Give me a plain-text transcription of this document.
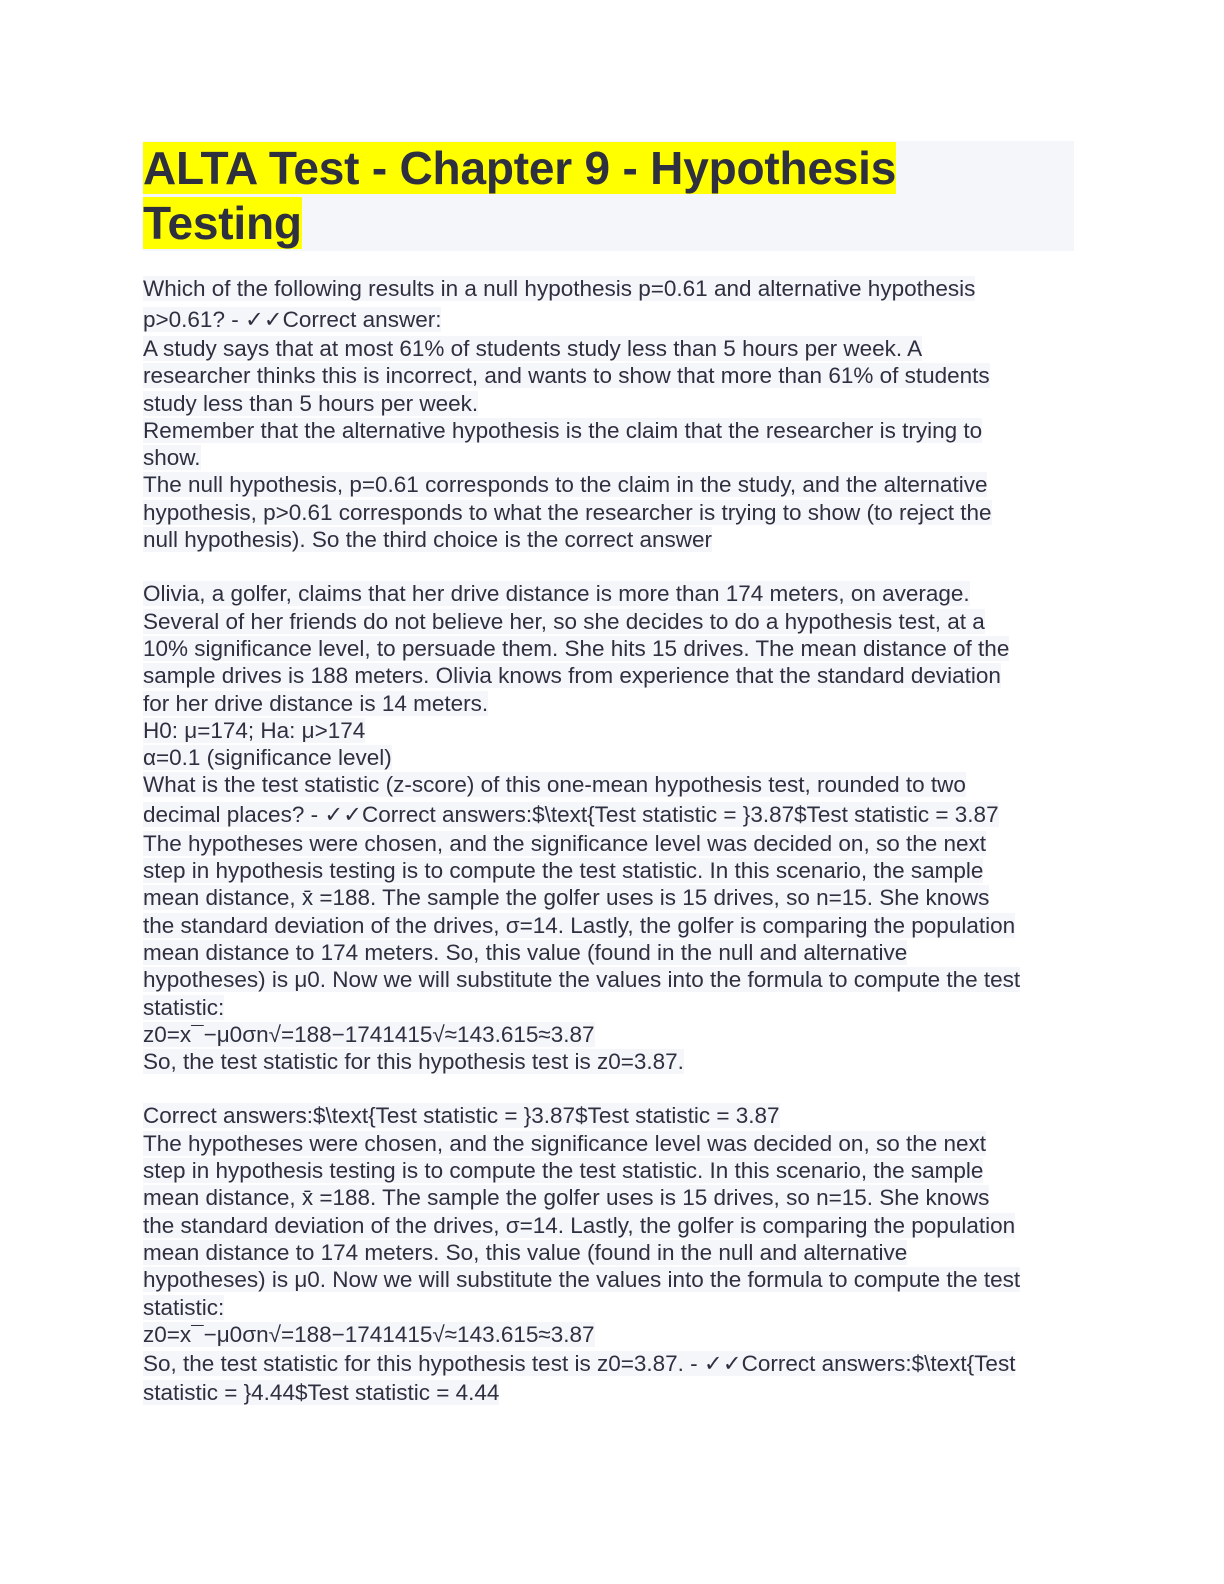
ALTA Test - Chapter 9 - Hypothesis
Testing
Which of the following results in a null hypothesis p=0.61 and alternative hypothesis
p>0.61? - ✓✓Correct answer:
A study says that at most 61% of students study less than 5 hours per week. A
researcher thinks this is incorrect, and wants to show that more than 61% of students
study less than 5 hours per week.
Remember that the alternative hypothesis is the claim that the researcher is trying to
show.
The null hypothesis, p=0.61 corresponds to the claim in the study, and the alternative
hypothesis, p>0.61 corresponds to what the researcher is trying to show (to reject the
null hypothesis). So the third choice is the correct answer
Olivia, a golfer, claims that her drive distance is more than 174 meters, on average.
Several of her friends do not believe her, so she decides to do a hypothesis test, at a
10% significance level, to persuade them. She hits 15 drives. The mean distance of the
sample drives is 188 meters. Olivia knows from experience that the standard deviation
for her drive distance is 14 meters.
H0: μ=174; Ha: μ>174
α=0.1 (significance level)
What is the test statistic (z-score) of this one-mean hypothesis test, rounded to two
decimal places? - ✓✓Correct answers:$\text{Test statistic = }3.87$Test statistic = 3.87
The hypotheses were chosen, and the significance level was decided on, so the next
step in hypothesis testing is to compute the test statistic. In this scenario, the sample
mean distance, x̄ =188. The sample the golfer uses is 15 drives, so n=15. She knows
the standard deviation of the drives, σ=14. Lastly, the golfer is comparing the population
mean distance to 174 meters. So, this value (found in the null and alternative
hypotheses) is μ0. Now we will substitute the values into the formula to compute the test
statistic:
z0=x¯−μ0σn√=188−1741415√≈143.615≈3.87
So, the test statistic for this hypothesis test is z0=3.87.
Correct answers:$\text{Test statistic = }3.87$Test statistic = 3.87
The hypotheses were chosen, and the significance level was decided on, so the next
step in hypothesis testing is to compute the test statistic. In this scenario, the sample
mean distance, x̄ =188. The sample the golfer uses is 15 drives, so n=15. She knows
the standard deviation of the drives, σ=14. Lastly, the golfer is comparing the population
mean distance to 174 meters. So, this value (found in the null and alternative
hypotheses) is μ0. Now we will substitute the values into the formula to compute the test
statistic:
z0=x¯−μ0σn√=188−1741415√≈143.615≈3.87
So, the test statistic for this hypothesis test is z0=3.87. - ✓✓Correct answers:$\text{Test
statistic = }4.44$Test statistic = 4.44
